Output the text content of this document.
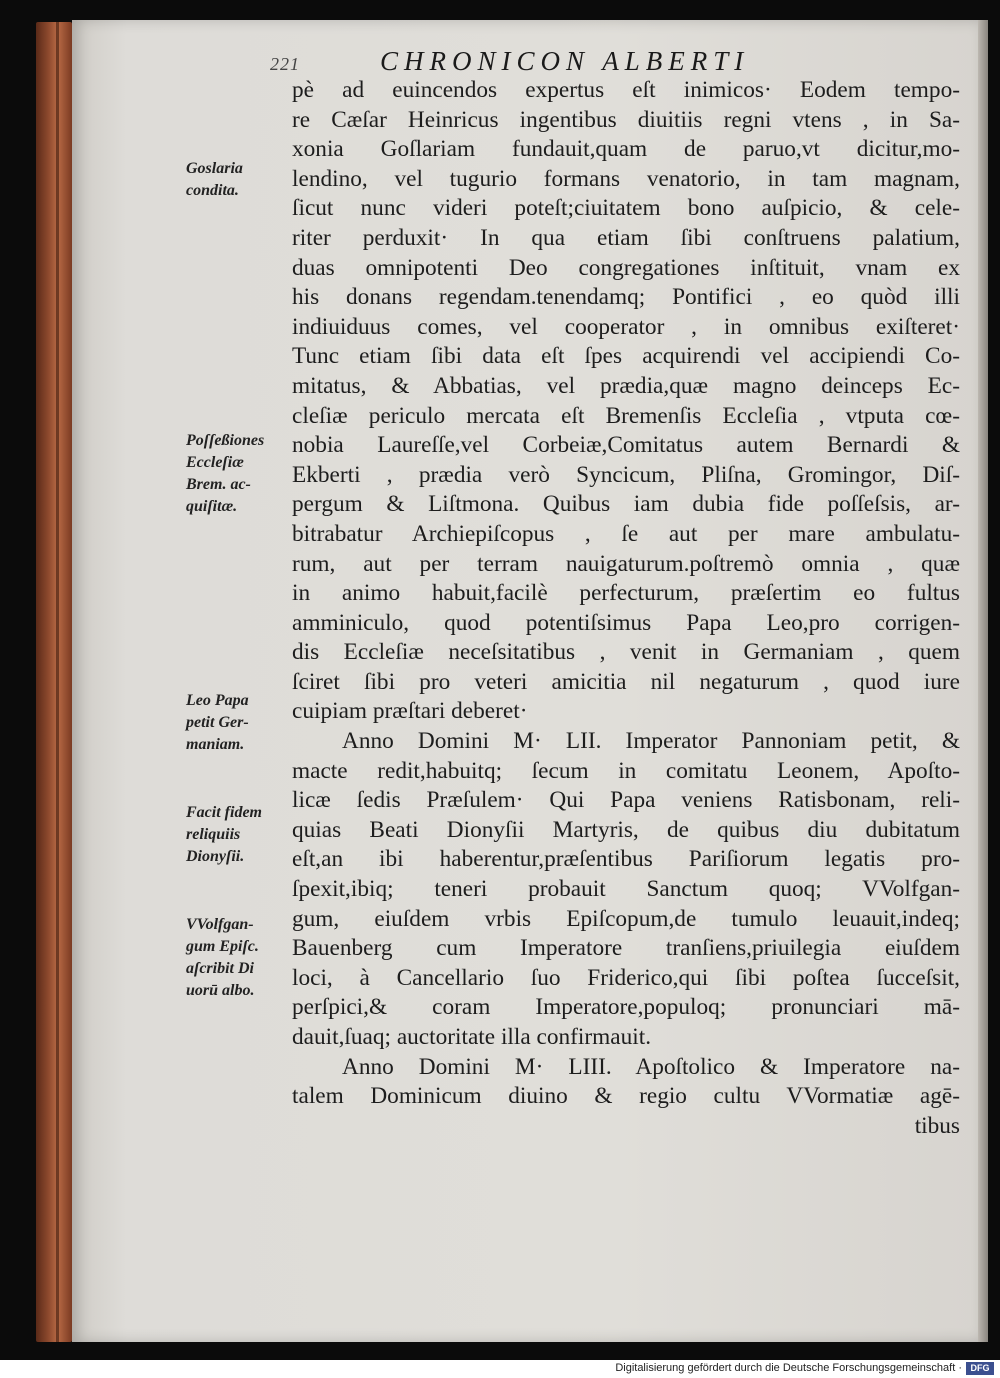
221	CHRONICON ALBERTI
pè ad euincendos expertus eſt inimicos· Eodem tempo-
re Cæſar Heinricus ingentibus diuitiis regni vtens , in Sa-
xonia Goſlariam fundauit,quam de paruo,vt dicitur,mo-
lendino, vel tugurio formans venatorio, in tam magnam,
ſicut nunc videri poteſt;ciuitatem bono auſpicio, & cele-
riter perduxit· In qua etiam ſibi conſtruens palatium,
duas omnipotenti Deo congregationes inſtituit, vnam ex
his donans regendam.tenendamq; Pontifici , eo quòd illi
indiuiduus comes, vel cooperator , in omnibus exiſteret·
Tunc etiam ſibi data eſt ſpes acquirendi vel accipiendi Co-
mitatus, & Abbatias, vel prædia,quæ magno deinceps Ec-
cleſiæ periculo mercata eſt Bremenſis Eccleſia , vtputa cœ-
nobia Laureſſe,vel Corbeiæ,Comitatus autem Bernardi &
Ekberti , prædia verò Syncicum, Pliſna, Gromingor, Diſ-
pergum & Liſtmona. Quibus iam dubia fide poſſeſsis, ar-
bitrabatur Archiepiſcopus , ſe aut per mare ambulatu-
rum, aut per terram nauigaturum.poſtremò omnia , quæ
in animo habuit,facilè perfecturum, præſertim eo fultus
amminiculo, quod potentiſsimus Papa Leo,pro corrigen-
dis Eccleſiæ neceſsitatibus , venit in Germaniam , quem
ſciret ſibi pro veteri amicitia nil negaturum , quod iure
cuipiam præſtari deberet·
Anno Domini M· LII. Imperator Pannoniam petit, &
macte redit,habuitq; ſecum in comitatu Leonem, Apoſto-
licæ ſedis Præſulem· Qui Papa veniens Ratisbonam, reli-
quias Beati Dionyſii Martyris, de quibus diu dubitatum
eſt,an ibi haberentur,præſentibus Pariſiorum legatis pro-
ſpexit,ibiq; teneri probauit Sanctum quoq; VVolfgan-
gum, eiuſdem vrbis Epiſcopum,de tumulo leuauit,indeq;
Bauenberg cum Imperatore tranſiens,priuilegia eiuſdem
loci, à Cancellario ſuo Friderico,qui ſibi poſtea ſucceſsit,
perſpici,& coram Imperatore,populoq; pronunciari mā-
dauit,ſuaq; auctoritate illa confirmauit.
Anno Domini M· LIII. Apoſtolico & Imperatore na-
talem Dominicum diuino & regio cultu VVormatiæ agē-
tibus
Goslaria
condita.
Poſſeßiones
Eccleſiæ
Brem. ac-
quiſitæ.
Leo Papa
petit Ger-
maniam.
Facit fidem
reliquiis
Dionyſii.
VVolfgan-
gum Epiſc.
aſcribit Di
uorū albo.
Digitalisierung gefördert durch die Deutsche Forschungsgemeinschaft · DFG
